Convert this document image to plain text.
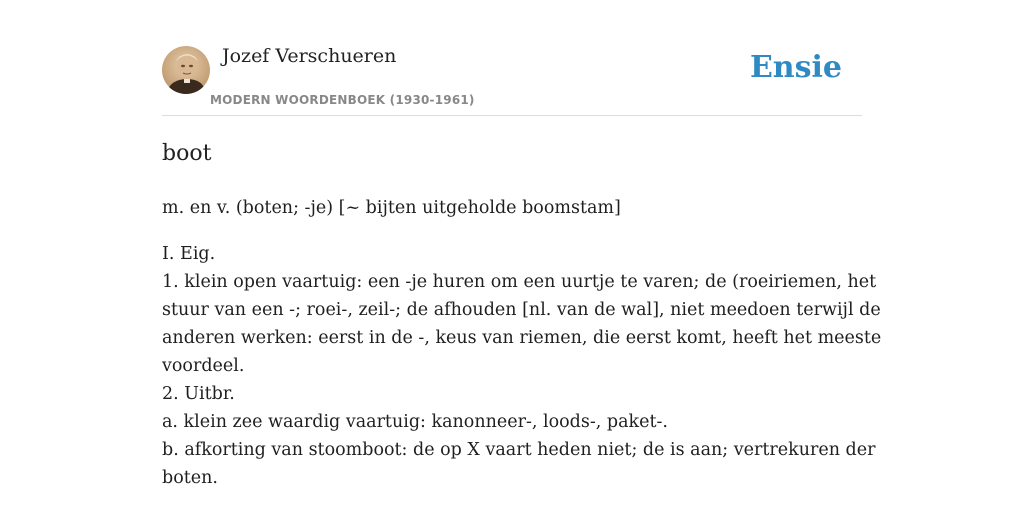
Jozef Verschueren
MODERN WOORDENBOEK (1930-1961)
Ensie
boot
m. en v. (boten; -je) [~ bijten uitgeholde boomstam]
I. Eig.
1. klein open vaartuig: een -je huren om een uurtje te varen; de (roeiriemen, het
stuur van een -; roei-, zeil-; de afhouden [nl. van de wal], niet meedoen terwijl de
anderen werken: eerst in de -, keus van riemen, die eerst komt, heeft het meeste
voordeel.
2. Uitbr.
a. klein zee waardig vaartuig: kanonneer-, loods-, paket-.
b. afkorting van stoomboot: de op X vaart heden niet; de is aan; vertrekuren der
boten.
